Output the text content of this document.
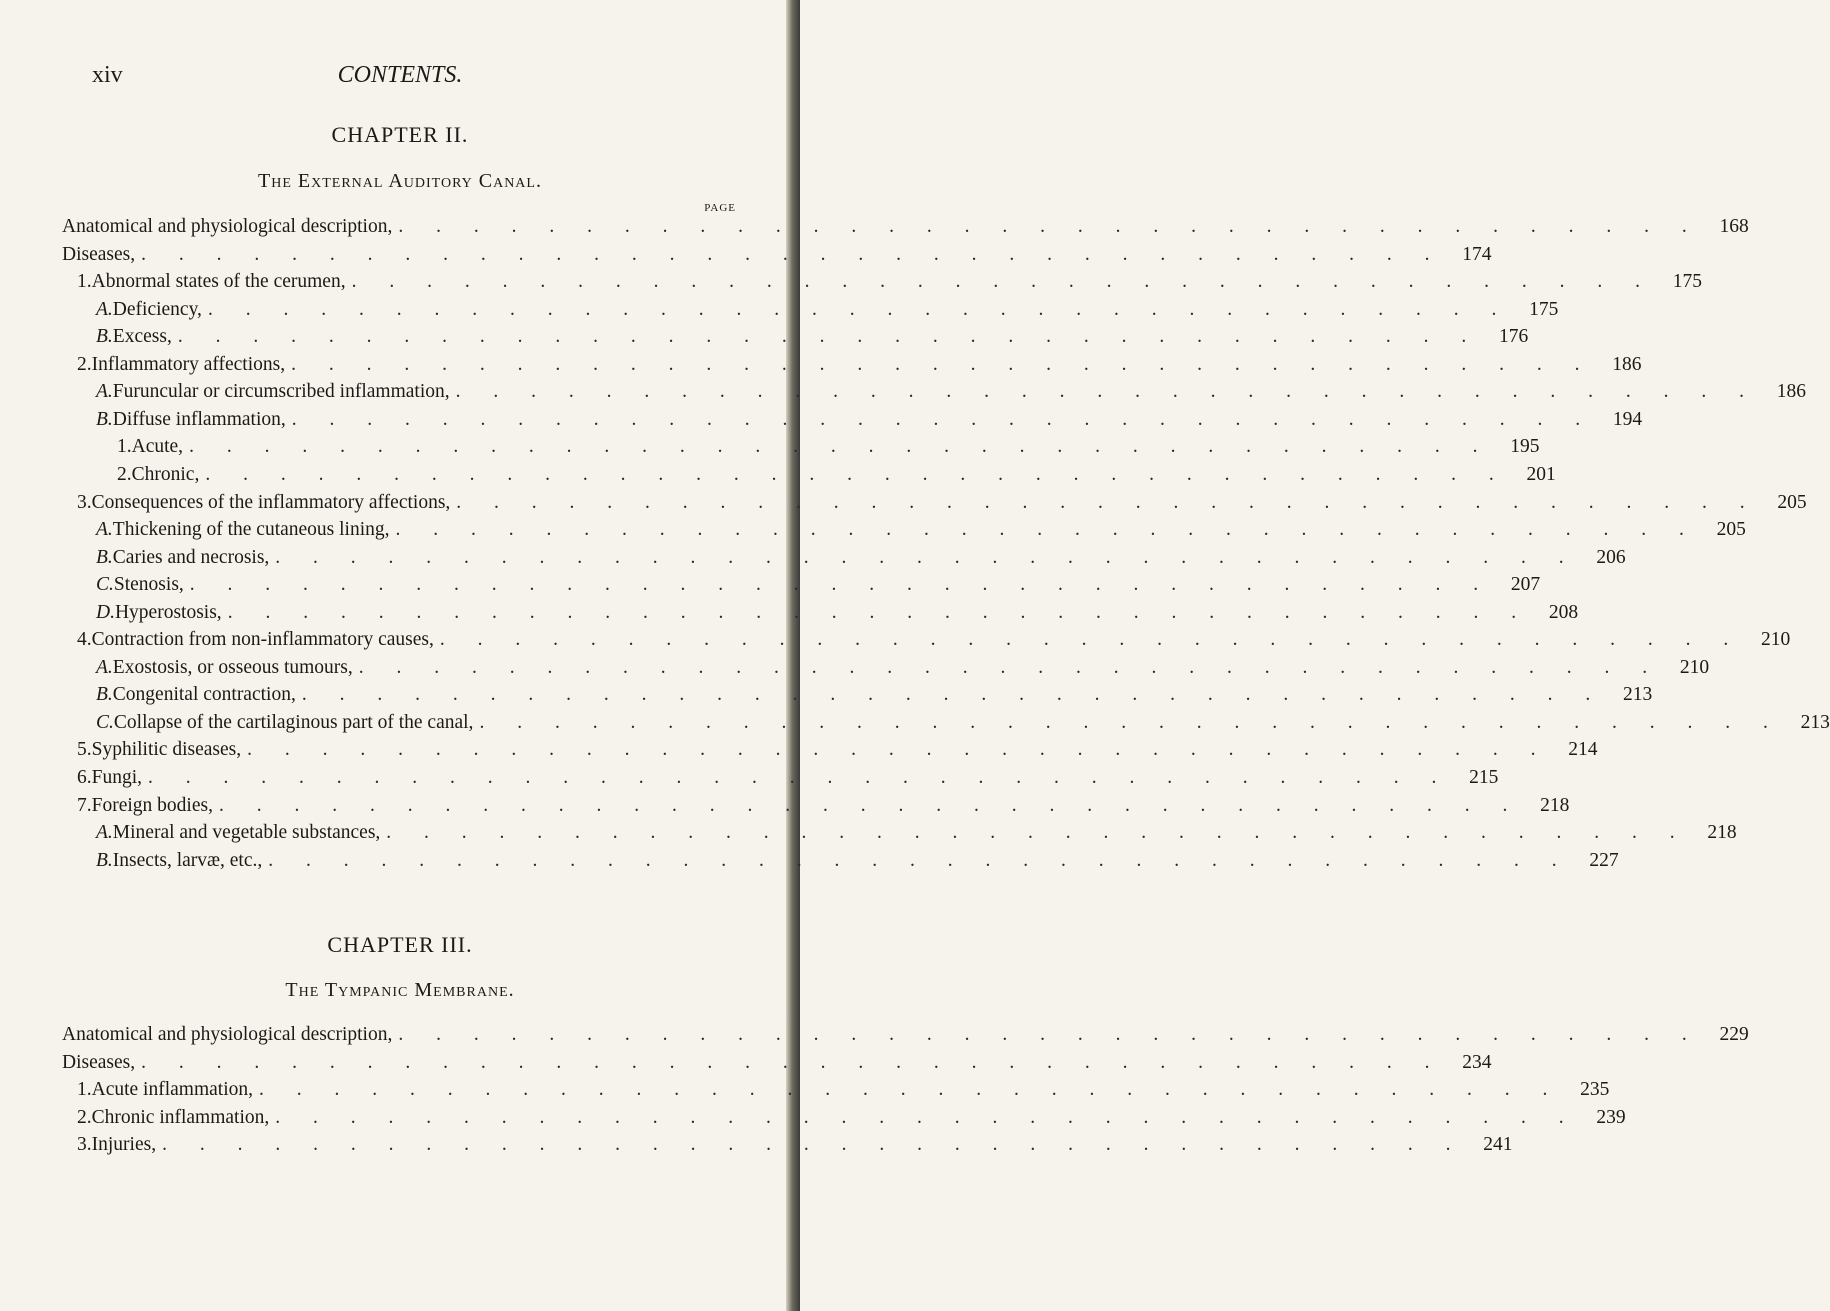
xiv	CONTENTS.
CHAPTER II.
The External Auditory Canal.
PAGE
Anatomical and physiological description, . . . . . . . . . . . . . . . . . . . . . . . . . . . . . . . . . . . 168
Diseases, . . . . . . . . . . . . . . . . . . . . . . . . . . . . . . . . . . . 174
1. Abnormal states of the cerumen, . . . . . . . . . . . . . . . . . . . . . . . . . . . . . . . . . . . 175
A. Deficiency, . . . . . . . . . . . . . . . . . . . . . . . . . . . . . . . . . . . 175
B. Excess, . . . . . . . . . . . . . . . . . . . . . . . . . . . . . . . . . . . 176
2. Inflammatory affections, . . . . . . . . . . . . . . . . . . . . . . . . . . . . . . . . . . . 186
A. Furuncular or circumscribed inflammation, . . . . . . . . . . . . . . . . . . . . . . . . . . . . . . . . . . . 186
B. Diffuse inflammation, . . . . . . . . . . . . . . . . . . . . . . . . . . . . . . . . . . . 194
1. Acute, . . . . . . . . . . . . . . . . . . . . . . . . . . . . . . . . . . . 195
2. Chronic, . . . . . . . . . . . . . . . . . . . . . . . . . . . . . . . . . . . 201
3. Consequences of the inflammatory affections, . . . . . . . . . . . . . . . . . . . . . . . . . . . . . . . . . . . 205
A. Thickening of the cutaneous lining, . . . . . . . . . . . . . . . . . . . . . . . . . . . . . . . . . . . 205
B. Caries and necrosis, . . . . . . . . . . . . . . . . . . . . . . . . . . . . . . . . . . . 206
C. Stenosis, . . . . . . . . . . . . . . . . . . . . . . . . . . . . . . . . . . . 207
D. Hyperostosis, . . . . . . . . . . . . . . . . . . . . . . . . . . . . . . . . . . . 208
4. Contraction from non-inflammatory causes, . . . . . . . . . . . . . . . . . . . . . . . . . . . . . . . . . . . 210
A. Exostosis, or osseous tumours, . . . . . . . . . . . . . . . . . . . . . . . . . . . . . . . . . . . 210
B. Congenital contraction, . . . . . . . . . . . . . . . . . . . . . . . . . . . . . . . . . . . 213
C. Collapse of the cartilaginous part of the canal, . . . . . . . . . . . . . . . . . . . . . . . . . . . . . . . . . . . 213
5. Syphilitic diseases, . . . . . . . . . . . . . . . . . . . . . . . . . . . . . . . . . . . 214
6. Fungi, . . . . . . . . . . . . . . . . . . . . . . . . . . . . . . . . . . . 215
7. Foreign bodies, . . . . . . . . . . . . . . . . . . . . . . . . . . . . . . . . . . . 218
A. Mineral and vegetable substances, . . . . . . . . . . . . . . . . . . . . . . . . . . . . . . . . . . . 218
B. Insects, larvæ, etc., . . . . . . . . . . . . . . . . . . . . . . . . . . . . . . . . . . . 227
CHAPTER III.
The Tympanic Membrane.
Anatomical and physiological description, . . . . . . . . . . . . . . . . . . . . . . . . . . . . . . . . . . . 229
Diseases, . . . . . . . . . . . . . . . . . . . . . . . . . . . . . . . . . . . 234
1. Acute inflammation, . . . . . . . . . . . . . . . . . . . . . . . . . . . . . . . . . . . 235
2. Chronic inflammation, . . . . . . . . . . . . . . . . . . . . . . . . . . . . . . . . . . . 239
3. Injuries, . . . . . . . . . . . . . . . . . . . . . . . . . . . . . . . . . . . 241
